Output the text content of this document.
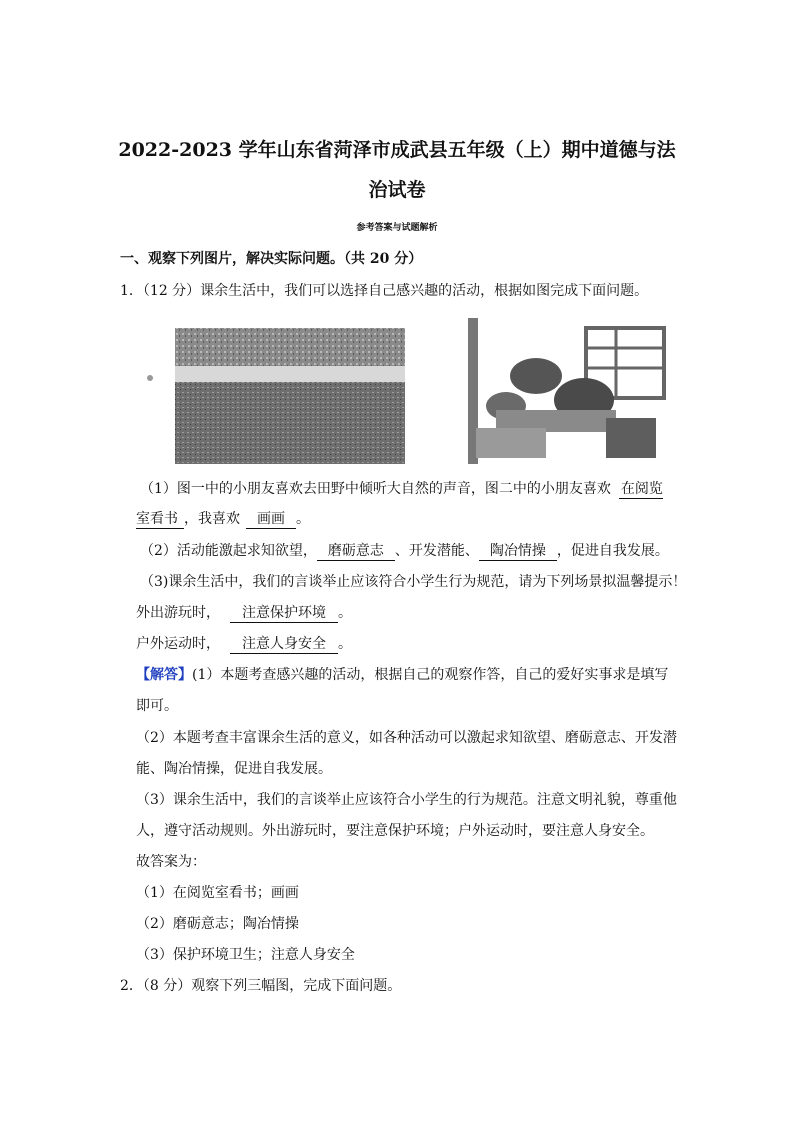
2022-2023 学年山东省菏泽市成武县五年级（上）期中道德与法
治试卷
参考答案与试题解析
一、观察下列图片，解决实际问题。（共 20 分）
1．（12 分）课余生活中，我们可以选择自己感兴趣的活动，根据如图完成下面问题。
（1）图一中的小朋友喜欢去田野中倾听大自然的声音，图二中的小朋友喜欢 在阅览
室看书 ，我喜欢 画画 。
（2）活动能激起求知欲望， 磨砺意志 、开发潜能、 陶冶情操 ，促进自我发展。
（3)课余生活中，我们的言谈举止应该符合小学生行为规范，请为下列场景拟温馨提示！
外出游玩时， 注意保护环境 。
户外运动时， 注意人身安全 。
【解答】(1）本题考查感兴趣的活动，根据自己的观察作答，自己的爱好实事求是填写
即可。
（2）本题考查丰富课余生活的意义，如各种活动可以激起求知欲望、磨砺意志、开发潜
能、陶冶情操，促进自我发展。
（3）课余生活中，我们的言谈举止应该符合小学生的行为规范。注意文明礼貌，尊重他
人，遵守活动规则。外出游玩时，要注意保护环境；户外运动时，要注意人身安全。
故答案为：
（1）在阅览室看书；画画
（2）磨砺意志；陶冶情操
（3）保护环境卫生；注意人身安全
2．（8 分）观察下列三幅图，完成下面问题。
